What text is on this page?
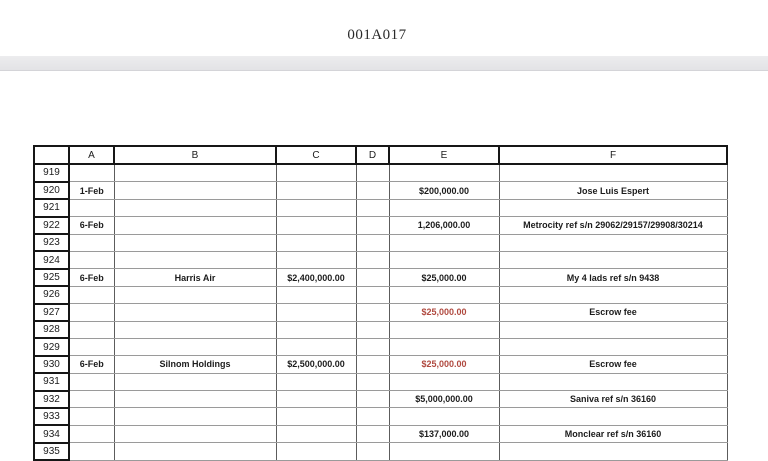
001A017
	A	B	C	D	E	F
919						
920	1-Feb				$200,000.00	Jose Luis Espert
921						
922	6-Feb				1,206,000.00	Metrocity ref s/n 29062/29157/29908/30214
923						
924						
925	6-Feb	Harris Air	$2,400,000.00		$25,000.00	My 4 lads ref s/n 9438
926						
927					$25,000.00	Escrow fee
928						
929						
930	6-Feb	Silnom Holdings	$2,500,000.00		$25,000.00	Escrow fee
931						
932					$5,000,000.00	Saniva ref s/n 36160
933						
934					$137,000.00	Monclear ref s/n 36160
935						
